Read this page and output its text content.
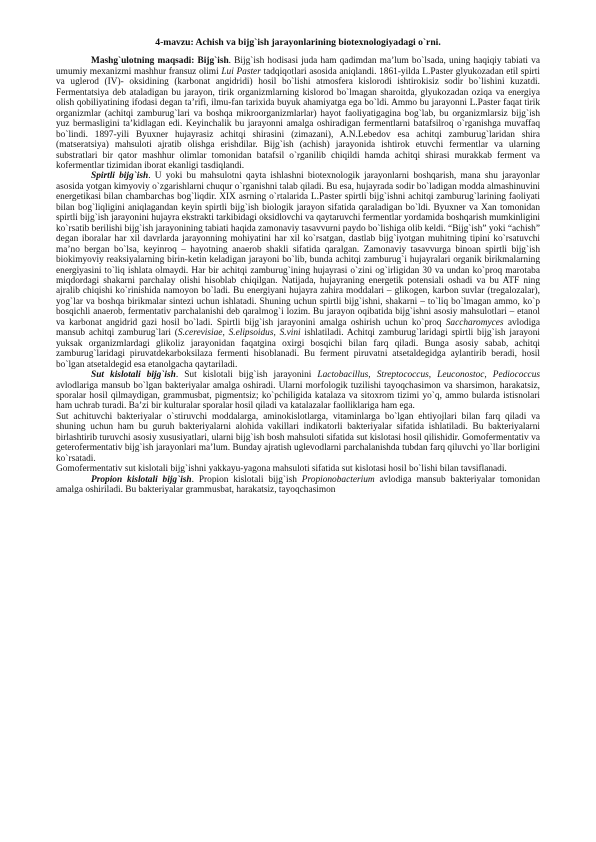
4-mavzu: Achish va bijg`ish jarayonlarining biotexnologiyadagi o`rni.

Mashg`ulotning maqsadi: Bijg`ish. Bijg`ish hodisasi juda ham qadimdan ma’lum bo`lsada, uning haqiqiy tabiati va umumiy mexanizmi mashhur fransuz olimi Lui Paster tadqiqotlari asosida aniqlandi. 1861-yilda L.Paster glyukozadan etil spirti va uglerod (IV)- oksidining (karbonat angidridi) hosil bo`lishi atmosfera kislorodi ishtirokisiz sodir bo`lishini kuzatdi. Fermentatsiya deb ataladigan bu jarayon, tirik organizmlarning kislorod bo`lmagan sharoitda, glyukozadan oziqa va energiya olish qobiliyatining ifodasi degan ta’rifi, ilmu-fan tarixida buyuk ahamiyatga ega bo`ldi. Ammo bu jarayonni L.Paster faqat tirik organizmlar (achitqi zamburug`lari va boshqa mikroorganizmlarlar) hayot faoliyatigagina bog`lab, bu organizmlarsiz bijg`ish yuz bermasligini ta’kidlagan edi. Keyinchalik bu jarayonni amalga oshiradigan fermentlarni batafsilroq o`rganishga muvaffaq bo`lindi. 1897-yili Byuxner hujayrasiz achitqi shirasini (zimazani), A.N.Lebedov esa achitqi zamburug`laridan shira (matseratsiya) mahsuloti ajratib olishga erishdilar. Bijg`ish (achish) jarayonida ishtirok etuvchi fermentlar va ularning substratlari bir qator mashhur olimlar tomonidan batafsil o`rganilib chiqildi hamda achitqi shirasi murakkab ferment va kofermentlar tizimidan iborat ekanligi tasdiqlandi.

Spirtli bijg`ish. U yoki bu mahsulotni qayta ishlashni biotexnologik jarayonlarni boshqarish, mana shu jarayonlar asosida yotgan kimyoviy o`zgarishlarni chuqur o`rganishni talab qiladi. Bu esa, hujayrada sodir bo`ladigan modda almashinuvini energetikasi bilan chambarchas bog`liqdir. XIX asrning o`rtalarida L.Paster spirtli bijg`ishni achitqi zamburug`larining faoliyati bilan bog`liqligini aniqlagandan keyin spirtli bijg`ish biologik jarayon sifatida qaraladigan bo`ldi. Byuxner va Xan tomonidan spirtli bijg`ish jarayonini hujayra ekstrakti tarkibidagi oksidlovchi va qaytaruvchi fermentlar yordamida boshqarish mumkinligini ko`rsatib berilishi bijg`ish jarayonining tabiati haqida zamonaviy tasavvurni paydo bo`lishiga olib keldi. “Bijg`ish” yoki “achish” degan iboralar har xil davrlarda jarayonning mohiyatini har xil ko`rsatgan, dastlab bijg`iyotgan muhitning tipini ko`rsatuvchi ma’no bergan bo`lsa, keyinroq – hayotning anaerob shakli sifatida qaralgan. Zamonaviy tasavvurga binoan spirtli bijg`ish biokimyoviy reaksiyalarning birin-ketin keladigan jarayoni bo`lib, bunda achitqi zamburug`i hujayralari organik birikmalarning energiyasini to`liq ishlata olmaydi. Har bir achitqi zamburug`ining hujayrasi o`zini og`irligidan 30 va undan ko`proq marotaba miqdordagi shakarni parchalay olishi hisoblab chiqilgan. Natijada, hujayraning energetik potensiali oshadi va bu ATF ning ajralib chiqishi ko`rinishida namoyon bo`ladi. Bu energiyani hujayra zahira moddalari – glikogen, karbon suvlar (tregalozalar), yog`lar va boshqa birikmalar sintezi uchun ishlatadi. Shuning uchun spirtli bijg`ishni, shakarni – to`liq bo`lmagan ammo, ko`p bosqichli anaerob, fermentativ parchalanishi deb qaralmog`i lozim. Bu jarayon oqibatida bijg`ishni asosiy mahsulotlari – etanol va karbonat angidrid gazi hosil bo`ladi. Spirtli bijg`ish jarayonini amalga oshirish uchun ko`proq Saccharomyces avlodiga mansub achitqi zamburug`lari (S.cerevisiae, S.elipsoidus, S.vini ishlatiladi. Achitqi zamburug`laridagi spirtli bijg`ish jarayoni yuksak organizmlardagi glikoliz jarayonidan faqatgina oxirgi bosqichi bilan farq qiladi. Bunga asosiy sabab, achitqi zamburug`laridagi piruvatdekarboksilaza fermenti hisoblanadi. Bu ferment piruvatni atsetaldegidga aylantirib beradi, hosil bo`lgan atsetaldegid esa etanolgacha qaytariladi.

Sut kislotali bijg`ish. Sut kislotali bijg`ish jarayonini Lactobacillus, Streptococcus, Leuconostoc, Pediococcus avlodlariga mansub bo`lgan bakteriyalar amalga oshiradi. Ularni morfologik tuzilishi tayoqchasimon va sharsimon, harakatsiz, sporalar hosil qilmaydigan, grammusbat, pigmentsiz; ko`pchiligida katalaza va sitoxrom tizimi yo`q, ammo bularda istisnolari ham uchrab turadi. Ba’zi bir kulturalar sporalar hosil qiladi va katalazalar faolliklariga ham ega.

Sut achituvchi bakteriyalar o`stiruvchi moddalarga, aminokislotlarga, vitaminlarga bo`lgan ehtiyojlari bilan farq qiladi va shuning uchun ham bu guruh bakteriyalarni alohida vakillari indikatorli bakteriyalar sifatida ishlatiladi. Bu bakteriyalarni birlashtirib turuvchi asosiy xususiyatlari, ularni bijg`ish bosh mahsuloti sifatida sut kislotasi hosil qilishidir. Gomofermentativ va geterofermentativ bijg`ish jarayonlari ma’lum. Bunday ajratish uglevodlarni parchalanishda tubdan farq qiluvchi yo`llar borligini ko`rsatadi.

Gomofermentativ sut kislotali bijg`ishni yakkayu-yagona mahsuloti sifatida sut kislotasi hosil bo`lishi bilan tavsiflanadi.

Propion kislotali bijg`ish. Propion kislotali bijg`ish Propionobacterium avlodiga mansub bakteriyalar tomonidan amalga oshiriladi. Bu bakteriyalar grammusbat, harakatsiz, tayoqchasimon
